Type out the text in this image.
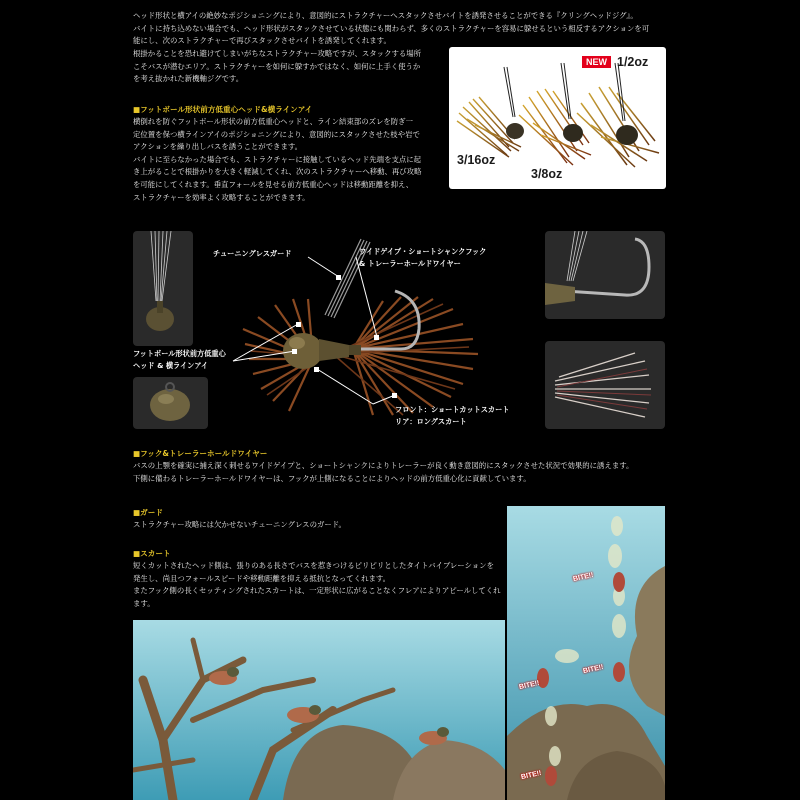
ヘッド形状と横アイの絶妙なポジショニングにより、意図的にストラクチャーへスタックさせバイトを誘発させることができる『クリングヘッドジグ』。

バイトに持ち込めない場合でも、ヘッド形状がスタックさせている状態にも関わらず、多くのストラクチャーを容易に躱せるという相反するアクションを可

能にし、次のストラクチャーで再びスタックさせバイトを誘発してくれます。

根掛かることを恐れ避けてしまいがちなストラクチャー攻略ですが、スタックする場所

こそバスが潜むエリア。ストラクチャーを如何に躱すかではなく、如何に上手く使うか

を考え抜かれた新機軸ジグです。

NEW 1/2oz
3/16oz
3/8oz

■フットボール形状前方低重心ヘッド&横ラインアイ

横倒れを防ぐフットボール形状の前方低重心ヘッドと、ライン結束部のズレを防ぎ一

定位置を保つ横ラインアイのポジショニングにより、意図的にスタックさせた枝や岩で

アクションを繰り出しバスを誘うことができます。

バイトに至らなかった場合でも、ストラクチャーに接触しているヘッド先端を支点に起

き上がることで根掛かりを大きく軽減してくれ、次のストラクチャーへ移動、再び攻略

を可能にしてくれます。垂直フォールを見せる前方低重心ヘッドは移動距離を抑え、

ストラクチャーを効率よく攻略することができます。

チューニングレスガード	ワイドゲイプ・ショートシャンクフック
& トレーラーホールドワイヤー
フットボール形状前方低重心
ヘッド & 横ラインアイ
フロント：ショートカットスカート
リア：ロングスカート

■フック&トレーラーホールドワイヤー

バスの上顎を確実に捕え深く刺せるワイドゲイプと、ショートシャンクによりトレーラーが良く動き意図的にスタックさせた状況で効果的に誘えます。

下側に備わるトレーラーホールドワイヤーは、フックが上側になることによりヘッドの前方低重心化に貢献しています。

■ガード

ストラクチャー攻略には欠かせないチューニングレスのガード。

■スカート

短くカットされたヘッド側は、張りのある長さでバスを惹きつけるピリピリとしたタイトバイブレーションを

発生し、尚且つフォールスピードや移動距離を抑える抵抗となってくれます。

またフック側の長くセッティングされたスカートは、一定形状に広がることなくフレアによりアピールしてくれます。

BITE!!
BITE!!
BITE!!
BITE!!
